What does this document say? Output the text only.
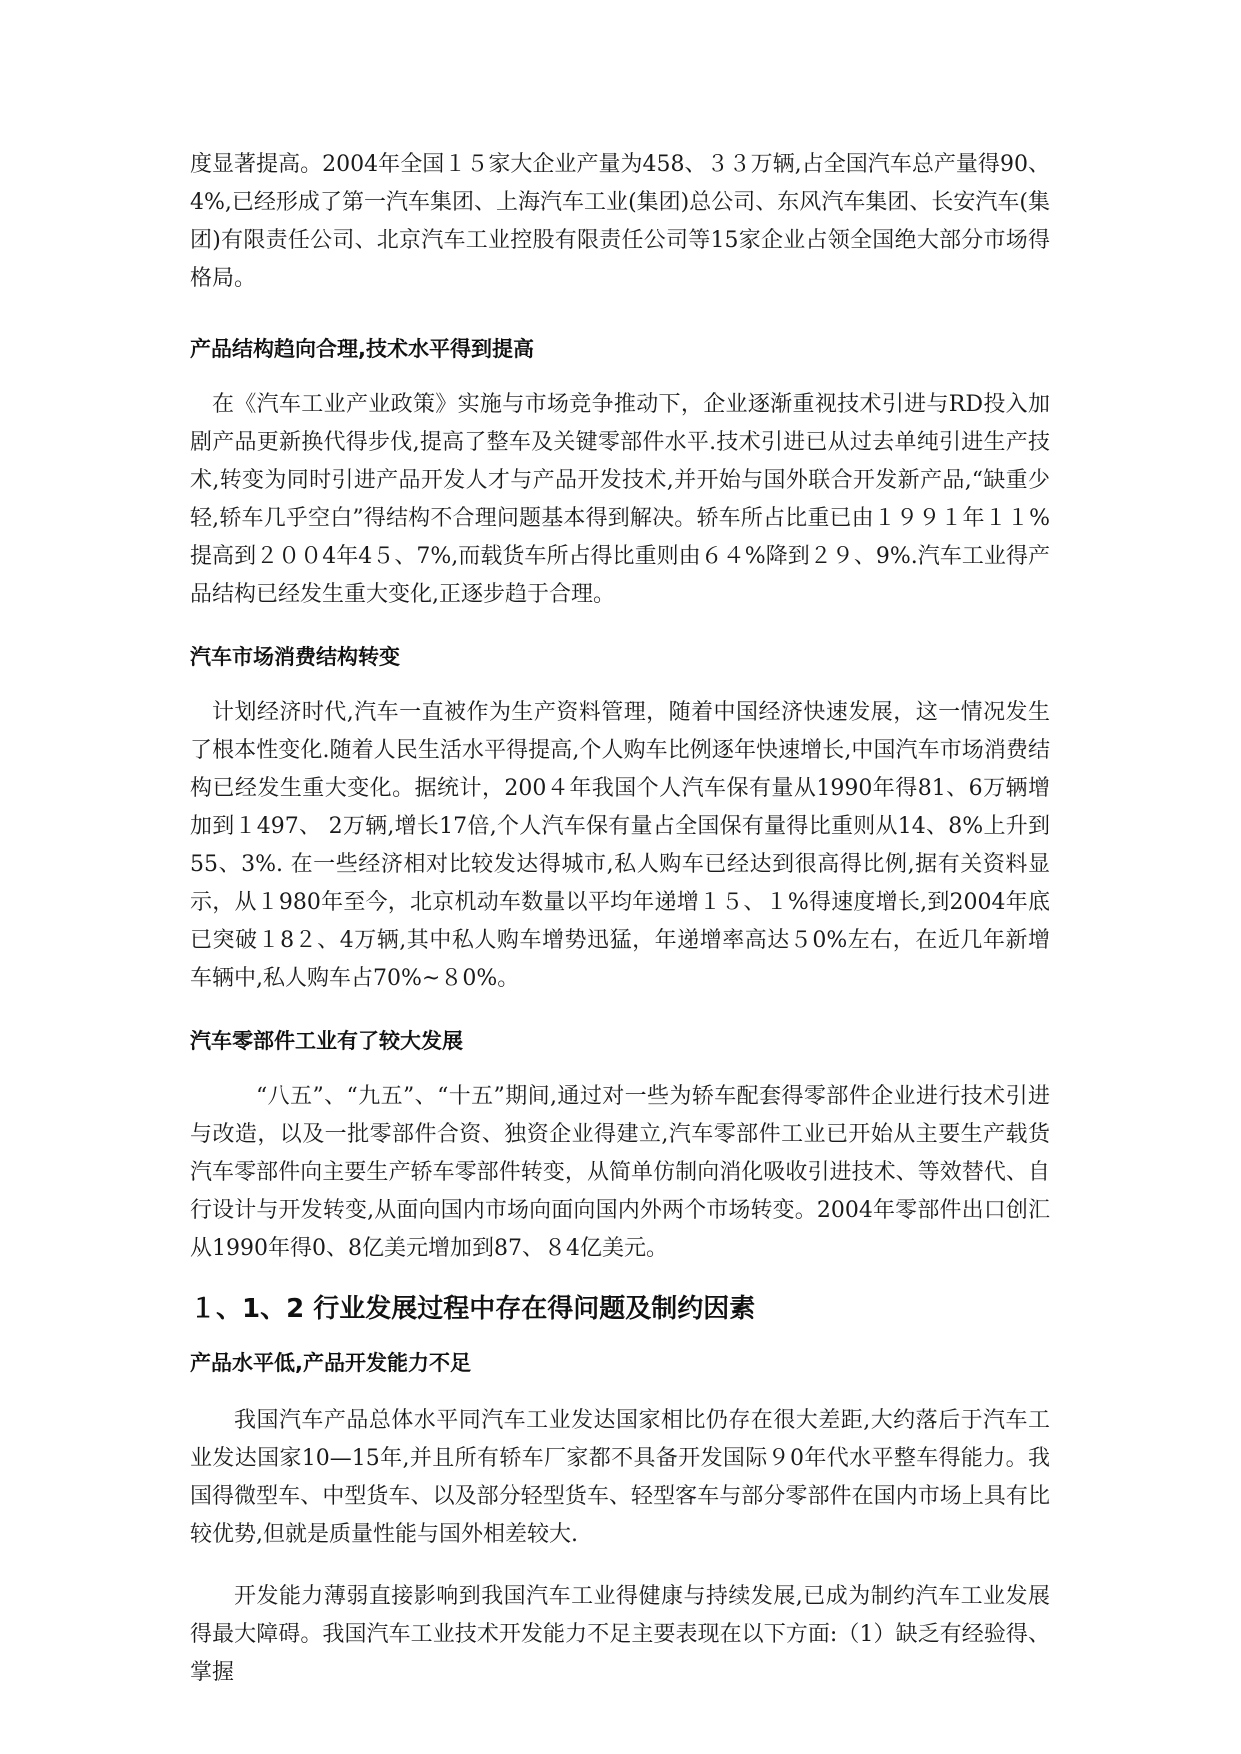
度显著提高。2004年全国１５家大企业产量为458、３３万辆,占全国汽车总产量得90、4%,已经形成了第一汽车集团、上海汽车工业(集团)总公司、东风汽车集团、长安汽车(集团)有限责任公司、北京汽车工业控股有限责任公司等15家企业占领全国绝大部分市场得格局。

产品结构趋向合理,技术水平得到提高

在《汽车工业产业政策》实施与市场竞争推动下，企业逐渐重视技术引进与RD投入加剧产品更新换代得步伐,提高了整车及关键零部件水平.技术引进已从过去单纯引进生产技术,转变为同时引进产品开发人才与产品开发技术,并开始与国外联合开发新产品,“缺重少轻,轿车几乎空白”得结构不合理问题基本得到解决。轿车所占比重已由１９９１年１１%提高到２００4年4５、7%,而载货车所占得比重则由６４%降到２９、9%.汽车工业得产品结构已经发生重大变化,正逐步趋于合理。

汽车市场消费结构转变

计划经济时代,汽车一直被作为生产资料管理，随着中国经济快速发展，这一情况发生了根本性变化.随着人民生活水平得提高,个人购车比例逐年快速增长,中国汽车市场消费结构已经发生重大变化。据统计，200４年我国个人汽车保有量从1990年得81、6万辆增加到１497、 2万辆,增长17倍,个人汽车保有量占全国保有量得比重则从14、8%上升到55、3%. 在一些经济相对比较发达得城市,私人购车已经达到很高得比例,据有关资料显示，从１980年至今，北京机动车数量以平均年递增１５、１%得速度增长,到2004年底已突破１8２、4万辆,其中私人购车增势迅猛，年递增率高达５0%左右，在近几年新增车辆中,私人购车占70%~８0%。

汽车零部件工业有了较大发展

“八五”、“九五”、“十五”期间,通过对一些为轿车配套得零部件企业进行技术引进与改造，以及一批零部件合资、独资企业得建立,汽车零部件工业已开始从主要生产载货汽车零部件向主要生产轿车零部件转变，从简单仿制向消化吸收引进技术、等效替代、自行设计与开发转变,从面向国内市场向面向国内外两个市场转变。2004年零部件出口创汇从1990年得0、8亿美元增加到87、８4亿美元。

１、1、2 行业发展过程中存在得问题及制约因素

产品水平低,产品开发能力不足

我国汽车产品总体水平同汽车工业发达国家相比仍存在很大差距,大约落后于汽车工业发达国家10—15年,并且所有轿车厂家都不具备开发国际９0年代水平整车得能力。我国得微型车、中型货车、以及部分轻型货车、轻型客车与部分零部件在国内市场上具有比较优势,但就是质量性能与国外相差较大.

开发能力薄弱直接影响到我国汽车工业得健康与持续发展,已成为制约汽车工业发展得最大障碍。我国汽车工业技术开发能力不足主要表现在以下方面:（1）缺乏有经验得、掌握
